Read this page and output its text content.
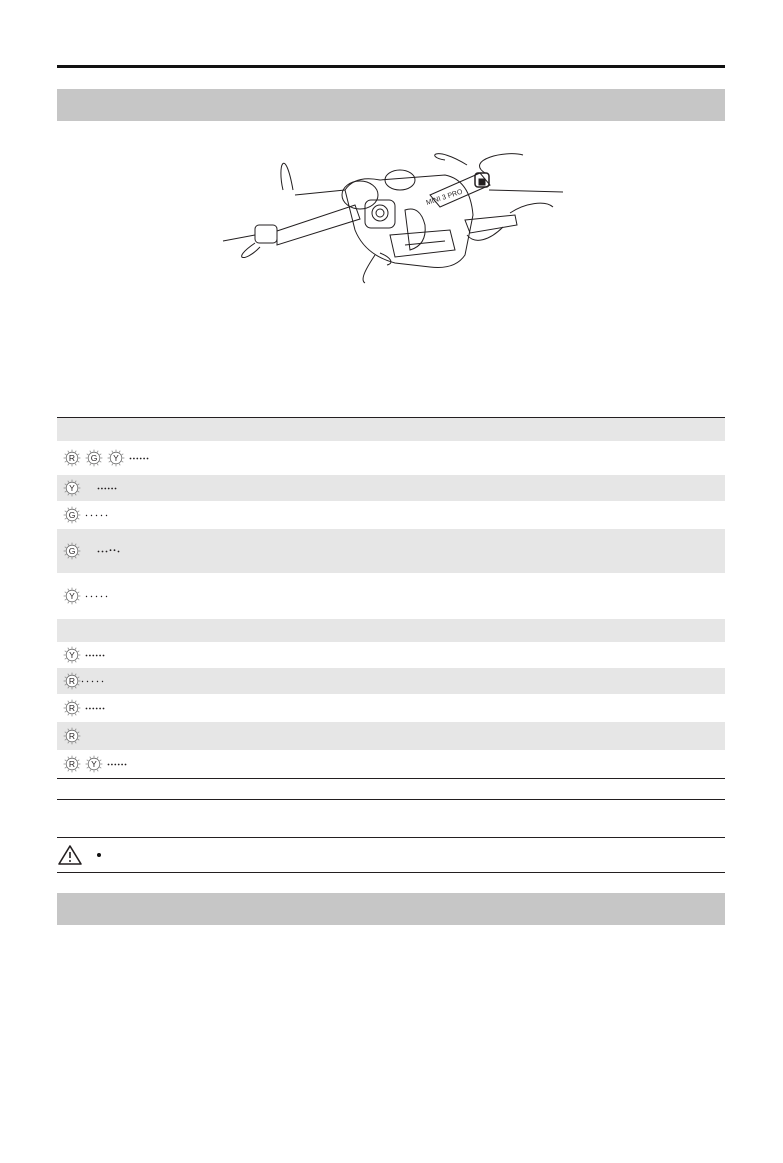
MINI 3 PRO
R G Y
Y
G
G
Y
Y
R
R
R
R Y
